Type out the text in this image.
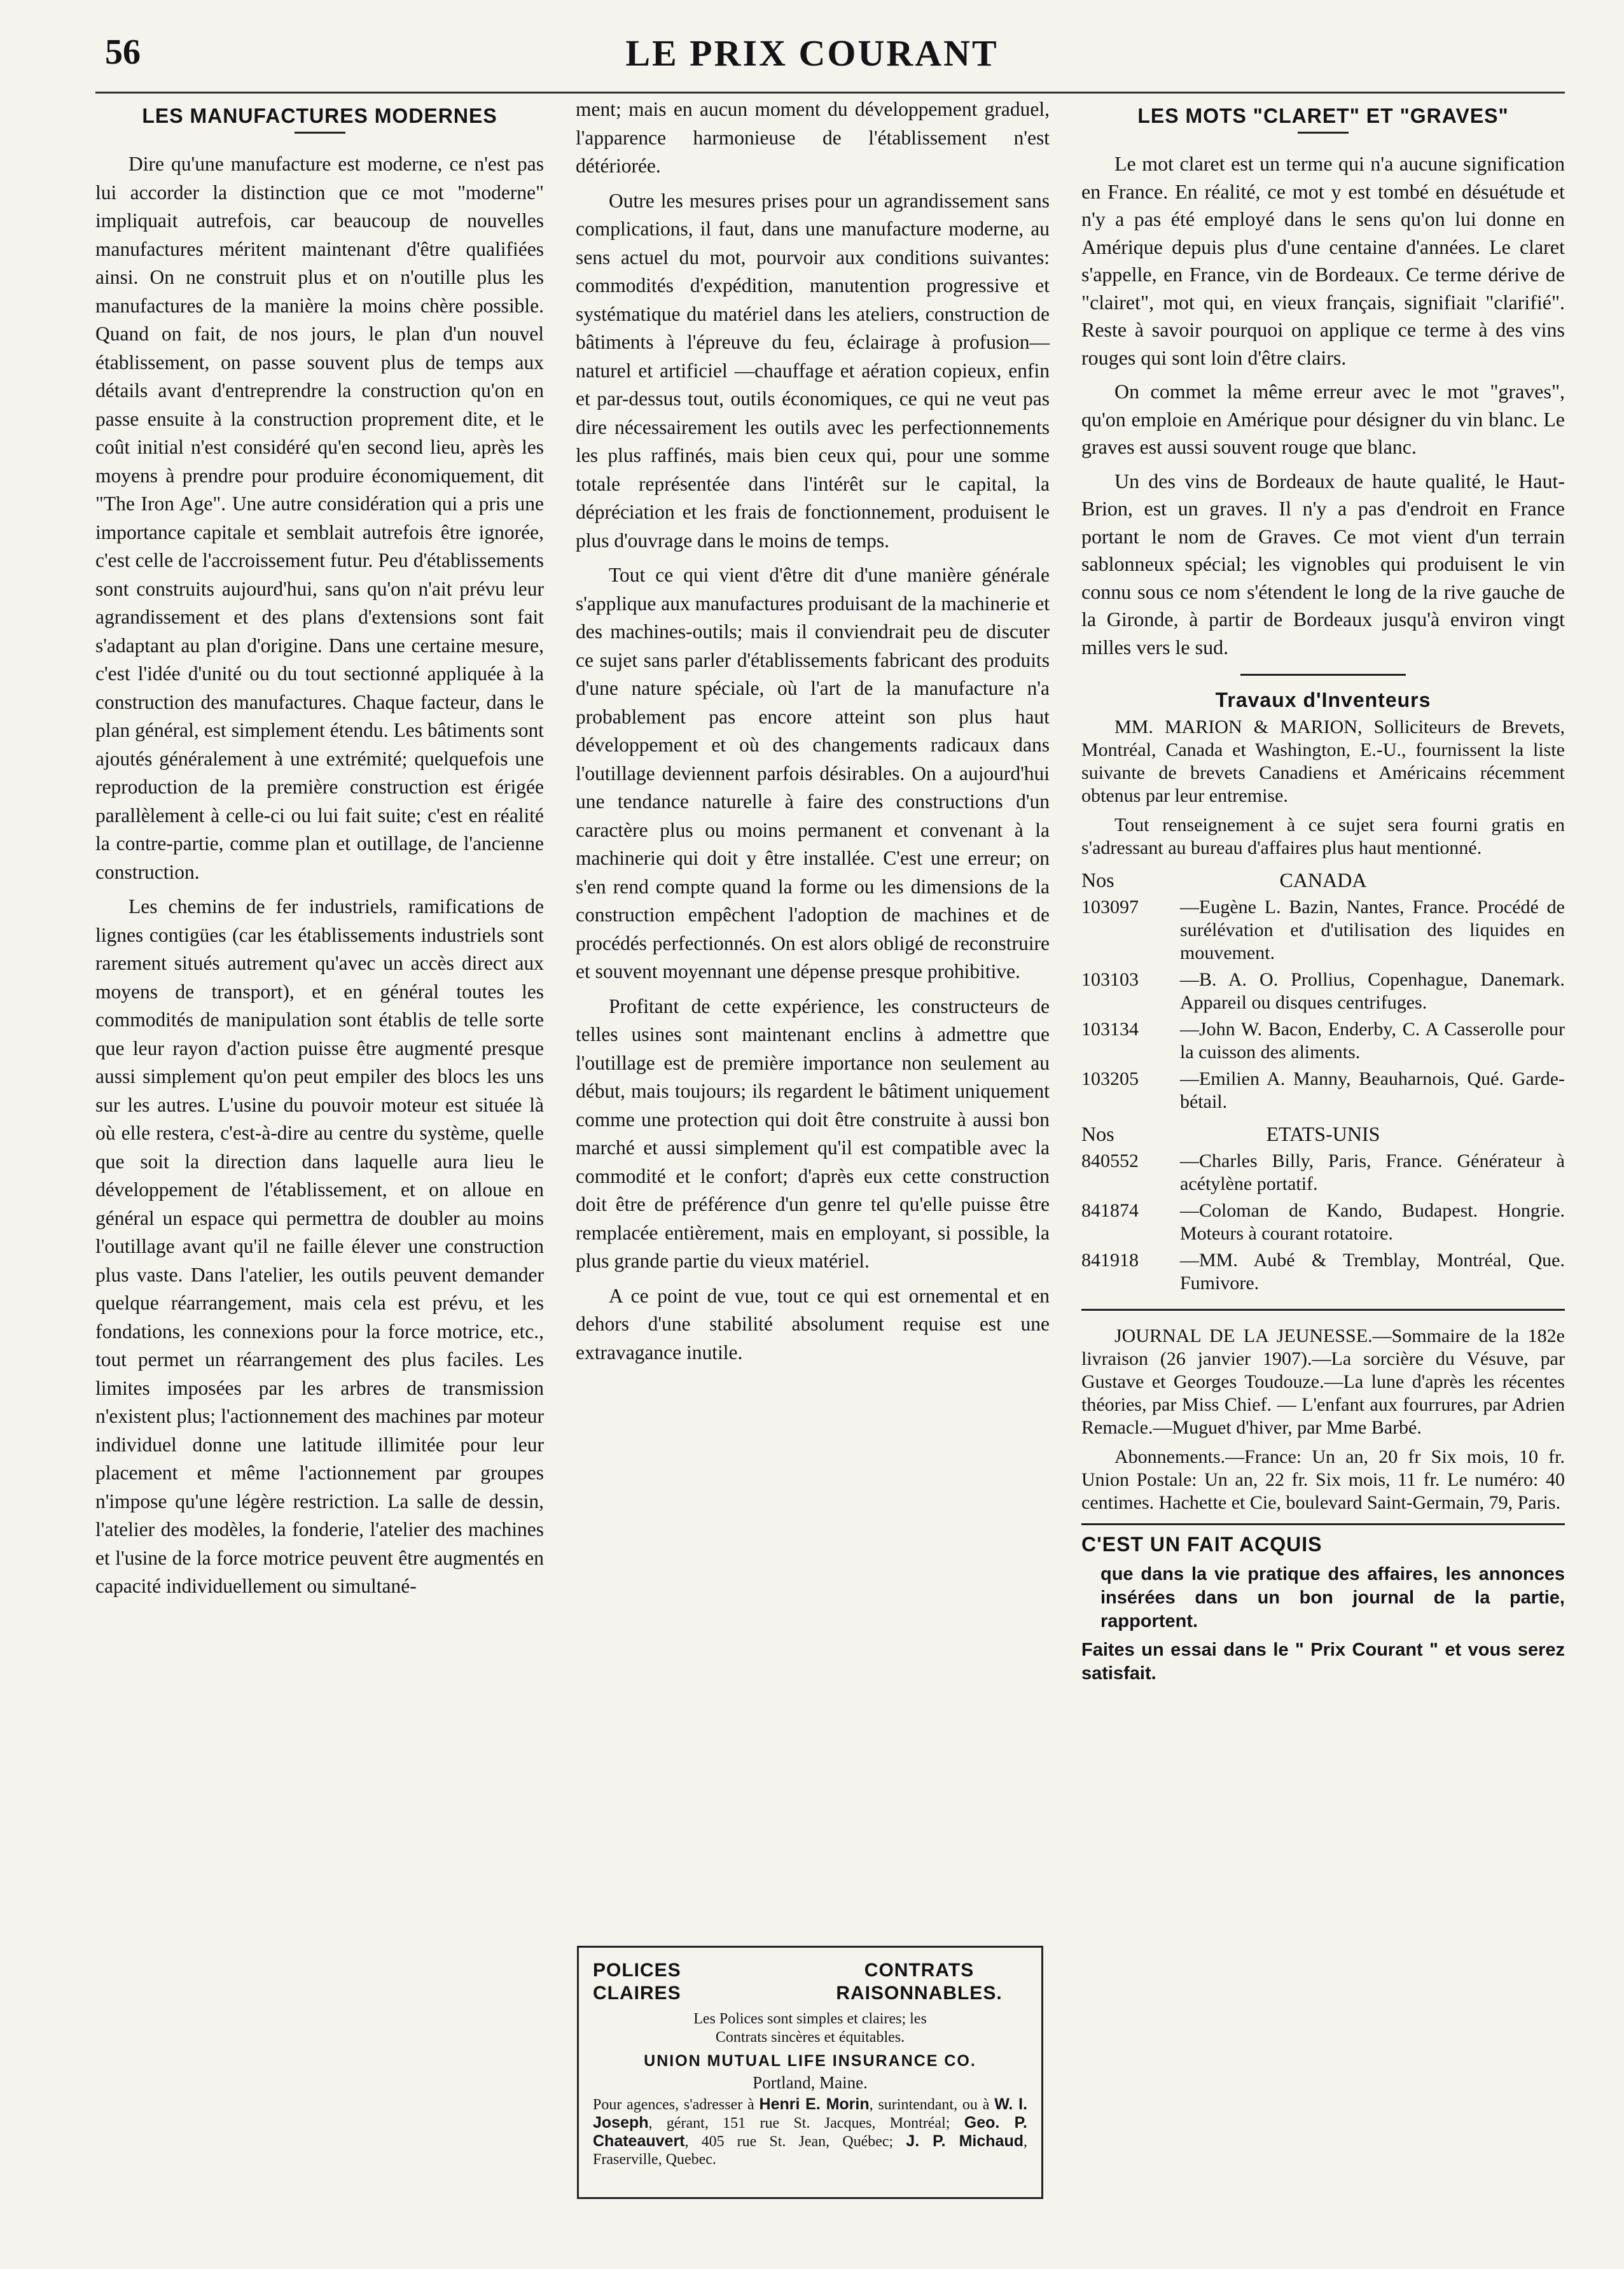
56	LE PRIX COURANT
LES MANUFACTURES MODERNES

Dire qu'une manufacture est moderne, ce n'est pas lui accorder la distinction que ce mot "moderne" impliquait autrefois, car beaucoup de nouvelles manufactures méritent maintenant d'être qualifiées ainsi. On ne construit plus et on n'outille plus les manufactures de la manière la moins chère possible. Quand on fait, de nos jours, le plan d'un nouvel établissement, on passe souvent plus de temps aux détails avant d'entreprendre la construction qu'on en passe ensuite à la construction proprement dite, et le coût initial n'est considéré qu'en second lieu, après les moyens à prendre pour produire économiquement, dit "The Iron Age". Une autre considération qui a pris une importance capitale et semblait autrefois être ignorée, c'est celle de l'accroissement futur. Peu d'établissements sont construits aujourd'hui, sans qu'on n'ait prévu leur agrandissement et des plans d'extensions sont fait s'adaptant au plan d'origine. Dans une certaine mesure, c'est l'idée d'unité ou du tout sectionné appliquée à la construction des manufactures. Chaque facteur, dans le plan général, est simplement étendu. Les bâtiments sont ajoutés généralement à une extrémité; quelquefois une reproduction de la première construction est érigée parallèlement à celle-ci ou lui fait suite; c'est en réalité la contre-partie, comme plan et outillage, de l'ancienne construction.

Les chemins de fer industriels, ramifications de lignes contigües (car les établissements industriels sont rarement situés autrement qu'avec un accès direct aux moyens de transport), et en général toutes les commodités de manipulation sont établis de telle sorte que leur rayon d'action puisse être augmenté presque aussi simplement qu'on peut empiler des blocs les uns sur les autres. L'usine du pouvoir moteur est située là où elle restera, c'est-à-dire au centre du système, quelle que soit la direction dans laquelle aura lieu le développement de l'établissement, et on alloue en général un espace qui permettra de doubler au moins l'outillage avant qu'il ne faille élever une construction plus vaste. Dans l'atelier, les outils peuvent demander quelque réarrangement, mais cela est prévu, et les fondations, les connexions pour la force motrice, etc., tout permet un réarrangement des plus faciles. Les limites imposées par les arbres de transmission n'existent plus; l'actionnement des machines par moteur individuel donne une latitude illimitée pour leur placement et même l'actionnement par groupes n'impose qu'une légère restriction. La salle de dessin, l'atelier des modèles, la fonderie, l'atelier des machines et l'usine de la force motrice peuvent être augmentés en capacité individuellement ou simultané-

ment; mais en aucun moment du développement graduel, l'apparence harmonieuse de l'établissement n'est détériorée.

Outre les mesures prises pour un agrandissement sans complications, il faut, dans une manufacture moderne, au sens actuel du mot, pourvoir aux conditions suivantes: commodités d'expédition, manutention progressive et systématique du matériel dans les ateliers, construction de bâtiments à l'épreuve du feu, éclairage à profusion—naturel et artificiel —chauffage et aération copieux, enfin et par-dessus tout, outils économiques, ce qui ne veut pas dire nécessairement les outils avec les perfectionnements les plus raffinés, mais bien ceux qui, pour une somme totale représentée dans l'intérêt sur le capital, la dépréciation et les frais de fonctionnement, produisent le plus d'ouvrage dans le moins de temps.

Tout ce qui vient d'être dit d'une manière générale s'applique aux manufactures produisant de la machinerie et des machines-outils; mais il conviendrait peu de discuter ce sujet sans parler d'établissements fabricant des produits d'une nature spéciale, où l'art de la manufacture n'a probablement pas encore atteint son plus haut développement et où des changements radicaux dans l'outillage deviennent parfois désirables. On a aujourd'hui une tendance naturelle à faire des constructions d'un caractère plus ou moins permanent et convenant à la machinerie qui doit y être installée. C'est une erreur; on s'en rend compte quand la forme ou les dimensions de la construction empêchent l'adoption de machines et de procédés perfectionnés. On est alors obligé de reconstruire et souvent moyennant une dépense presque prohibitive.

Profitant de cette expérience, les constructeurs de telles usines sont maintenant enclins à admettre que l'outillage est de première importance non seulement au début, mais toujours; ils regardent le bâtiment uniquement comme une protection qui doit être construite à aussi bon marché et aussi simplement qu'il est compatible avec la commodité et le confort; d'après eux cette construction doit être de préférence d'un genre tel qu'elle puisse être remplacée entièrement, mais en employant, si possible, la plus grande partie du vieux matériel.

A ce point de vue, tout ce qui est ornemental et en dehors d'une stabilité absolument requise est une extravagance inutile.

POLICES
CLAIRES
CONTRATS
RAISONNABLES.
Les Polices sont simples et claires; les
Contrats sincères et équitables.
UNION MUTUAL LIFE INSURANCE CO.
Portland, Maine.
Pour agences, s'adresser à Henri E. Morin, surintendant, ou à W. I. Joseph, gérant, 151 rue St. Jacques, Montréal; Geo. P. Chateauvert, 405 rue St. Jean, Québec; J. P. Michaud, Fraserville, Quebec.
LES MOTS "CLARET" ET "GRAVES"

Le mot claret est un terme qui n'a aucune signification en France. En réalité, ce mot y est tombé en désuétude et n'y a pas été employé dans le sens qu'on lui donne en Amérique depuis plus d'une centaine d'années. Le claret s'appelle, en France, vin de Bordeaux. Ce terme dérive de "clairet", mot qui, en vieux français, signifiait "clarifié". Reste à savoir pourquoi on applique ce terme à des vins rouges qui sont loin d'être clairs.

On commet la même erreur avec le mot "graves", qu'on emploie en Amérique pour désigner du vin blanc. Le graves est aussi souvent rouge que blanc.

Un des vins de Bordeaux de haute qualité, le Haut-Brion, est un graves. Il n'y a pas d'endroit en France portant le nom de Graves. Ce mot vient d'un terrain sablonneux spécial; les vignobles qui produisent le vin connu sous ce nom s'étendent le long de la rive gauche de la Gironde, à partir de Bordeaux jusqu'à environ vingt milles vers le sud.

Travaux d'Inventeurs

MM. MARION & MARION, Solliciteurs de Brevets, Montréal, Canada et Washington, E.-U., fournissent la liste suivante de brevets Canadiens et Américains récemment obtenus par leur entremise.

Tout renseignement à ce sujet sera fourni gratis en s'adressant au bureau d'affaires plus haut mentionné.

Nos	CANADA
103097	—Eugène L. Bazin, Nantes, France. Procédé de surélévation et d'utilisation des liquides en mouvement.
103103	—B. A. O. Prollius, Copenhague, Danemark. Appareil ou disques centrifuges.
103134	—John W. Bacon, Enderby, C. A Casserolle pour la cuisson des aliments.
103205	—Emilien A. Manny, Beauharnois, Qué. Garde-bétail.
Nos	ETATS-UNIS
840552	—Charles Billy, Paris, France. Générateur à acétylène portatif.
841874	—Coloman de Kando, Budapest. Hongrie. Moteurs à courant rotatoire.
841918	—MM. Aubé & Tremblay, Montréal, Que. Fumivore.

JOURNAL DE LA JEUNESSE.—Sommaire de la 182e livraison (26 janvier 1907).—La sorcière du Vésuve, par Gustave et Georges Toudouze.—La lune d'après les récentes théories, par Miss Chief. — L'enfant aux fourrures, par Adrien Remacle.—Muguet d'hiver, par Mme Barbé.

Abonnements.—France: Un an, 20 fr Six mois, 10 fr. Union Postale: Un an, 22 fr. Six mois, 11 fr. Le numéro: 40 centimes. Hachette et Cie, boulevard Saint-Germain, 79, Paris.

C'EST UN FAIT ACQUIS
que dans la vie pratique des affaires, les annonces insérées dans un bon journal de la partie, rapportent.
Faites un essai dans le " Prix Courant " et vous serez satisfait.
